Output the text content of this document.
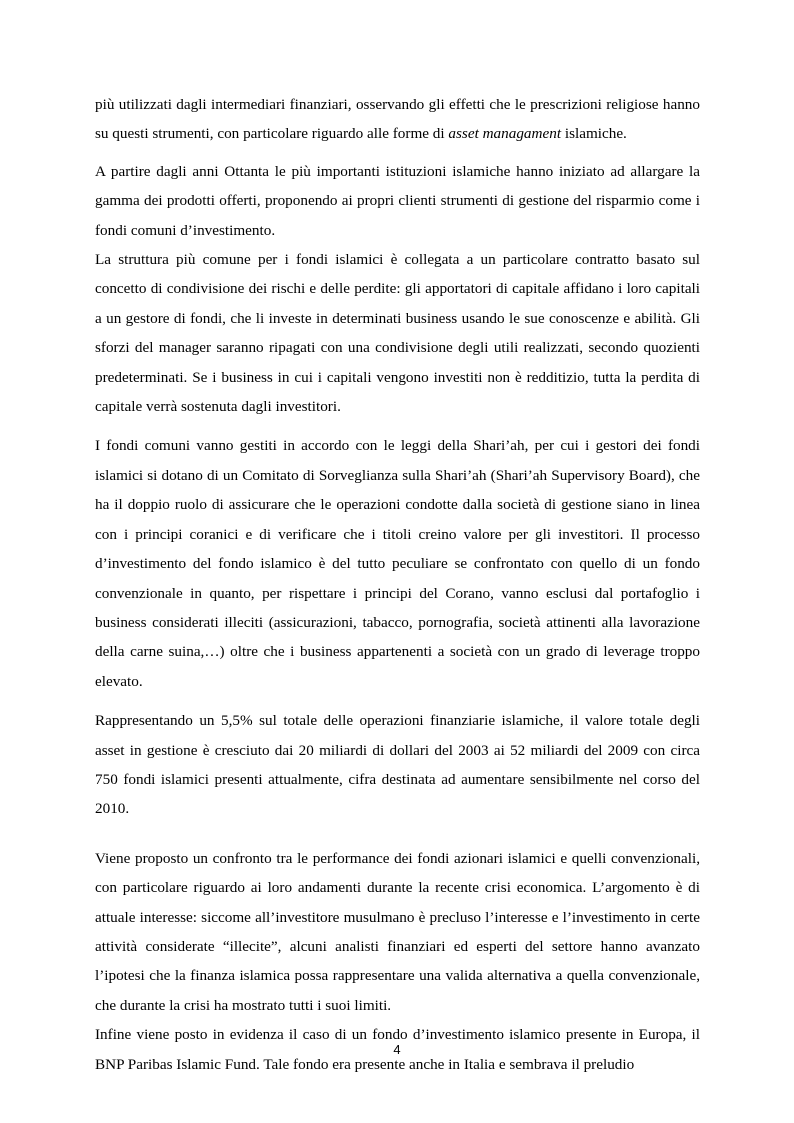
più utilizzati dagli intermediari finanziari, osservando gli effetti che le prescrizioni religiose hanno su questi strumenti, con particolare riguardo alle forme di asset managament islamiche.

A partire dagli anni Ottanta le più importanti istituzioni islamiche hanno iniziato ad allargare la gamma dei prodotti offerti, proponendo ai propri clienti strumenti di gestione del risparmio come i fondi comuni d’investimento.

La struttura più comune per i fondi islamici è collegata a un particolare contratto basato sul concetto di condivisione dei rischi e delle perdite: gli apportatori di capitale affidano i loro capitali a un gestore di fondi, che li investe in determinati business usando le sue conoscenze e abilità. Gli sforzi del manager saranno ripagati con una condivisione degli utili realizzati, secondo quozienti predeterminati. Se i business in cui i capitali vengono investiti non è redditizio, tutta la perdita di capitale verrà sostenuta dagli investitori.

I fondi comuni vanno gestiti in accordo con le leggi della Shari’ah, per cui i gestori dei fondi islamici si dotano di un Comitato di Sorveglianza sulla Shari’ah (Shari’ah Supervisory Board), che ha il doppio ruolo di assicurare che le operazioni condotte dalla società di gestione siano in linea con i principi coranici e di verificare che i titoli creino valore per gli investitori. Il processo d’investimento del fondo islamico è del tutto peculiare se confrontato con quello di un fondo convenzionale in quanto, per rispettare i principi del Corano, vanno esclusi dal portafoglio i business considerati illeciti (assicurazioni, tabacco, pornografia, società attinenti alla lavorazione della carne suina,…) oltre che i business appartenenti a società con un grado di leverage troppo elevato.

Rappresentando un 5,5% sul totale delle operazioni finanziarie islamiche, il valore totale degli asset in gestione è cresciuto dai 20 miliardi di dollari del 2003 ai 52 miliardi del 2009 con circa 750 fondi islamici presenti attualmente, cifra destinata ad aumentare sensibilmente nel corso del 2010.

Viene proposto un confronto tra le performance dei fondi azionari islamici e quelli convenzionali, con particolare riguardo ai loro andamenti durante la recente crisi economica. L’argomento è di attuale interesse: siccome all’investitore musulmano è precluso l’interesse e l’investimento in certe attività considerate “illecite”, alcuni analisti finanziari ed esperti del settore hanno avanzato l’ipotesi che la finanza islamica possa rappresentare una valida alternativa a quella convenzionale, che durante la crisi ha mostrato tutti i suoi limiti.

Infine viene posto in evidenza il caso di un fondo d’investimento islamico presente in Europa, il BNP Paribas Islamic Fund. Tale fondo era presente anche in Italia e sembrava il preludio

4
